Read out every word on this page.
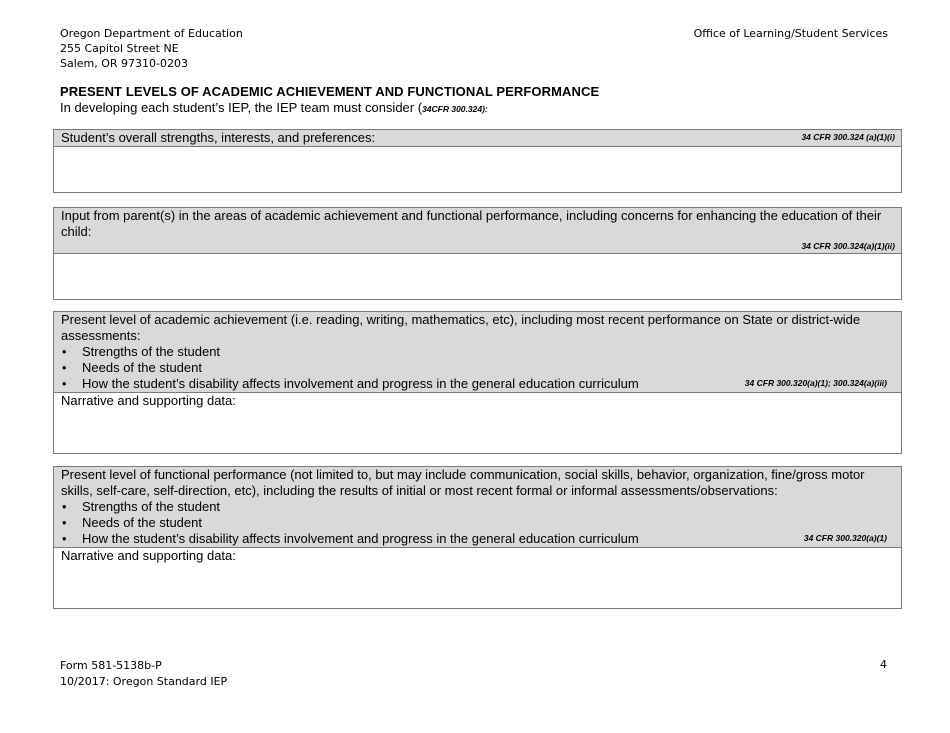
Oregon Department of Education
255 Capitol Street NE
Salem, OR 97310-0203
Office of Learning/Student Services
PRESENT LEVELS OF ACADEMIC ACHIEVEMENT AND FUNCTIONAL PERFORMANCE
In developing each student’s IEP, the IEP team must consider (34CFR 300.324):
Student’s overall strengths, interests, and preferences:	34 CFR 300.324 (a)(1)(i)
Input from parent(s) in the areas of academic achievement and functional performance, including concerns for enhancing the education of their child:
34 CFR 300.324(a)(1)(ii)
Present level of academic achievement (i.e. reading, writing, mathematics, etc), including most recent performance on State or district-wide assessments:
• Strengths of the student
• Needs of the student
• How the student’s disability affects involvement and progress in the general education curriculum	34 CFR 300.320(a)(1); 300.324(a)(iii)
Narrative and supporting data:
Present level of functional performance (not limited to, but may include communication, social skills, behavior, organization, fine/gross motor skills, self-care, self-direction, etc), including the results of initial or most recent formal or informal assessments/observations:
• Strengths of the student
• Needs of the student
• How the student’s disability affects involvement and progress in the general education curriculum	34 CFR 300.320(a)(1)
Narrative and supporting data:
Form 581-5138b-P
10/2017: Oregon Standard IEP
4
